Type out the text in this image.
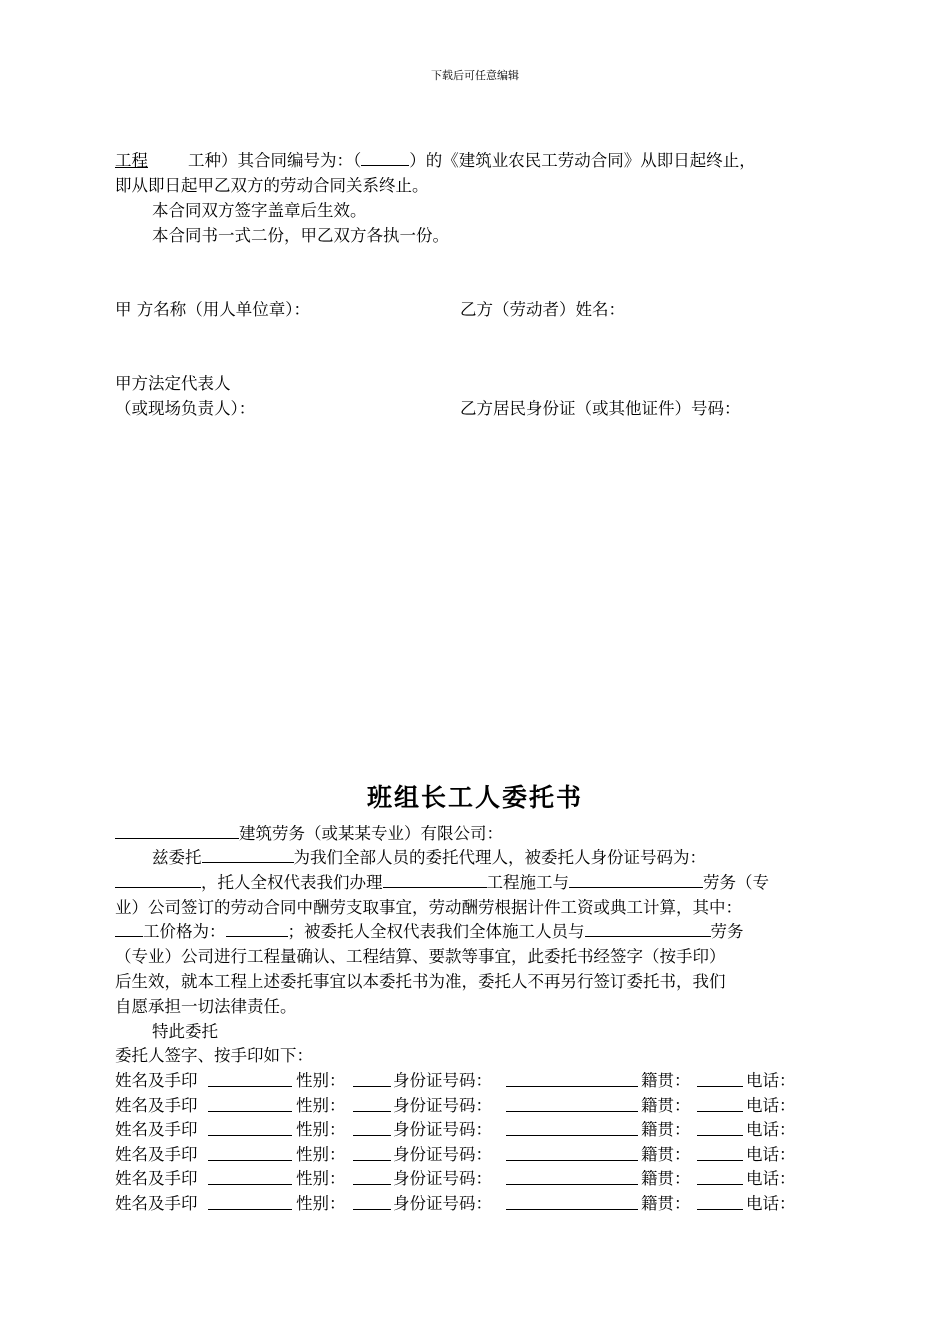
下载后可任意编辑
工程 工种）其合同编号为：（	）的《建筑业农民工劳动合同》从即日起终止，
即从即日起甲乙双方的劳动合同关系终止。
本合同双方签字盖章后生效。
本合同书一式二份，甲乙双方各执一份。
甲 方名称（用人单位章）：	乙方（劳动者）姓名：
甲方法定代表人
（或现场负责人）：	乙方居民身份证（或其他证件）号码：
班组长工人委托书
建筑劳务（或某某专业）有限公司：
兹委托	为我们全部人员的委托代理人，被委托人身份证号码为：
，托人全权代表我们办理	工程施工与	劳务（专
业）公司签订的劳动合同中酬劳支取事宜，劳动酬劳根据计件工资或典工计算，其中：
工价格为：	；被委托人全权代表我们全体施工人员与	劳务
（专业）公司进行工程量确认、工程结算、要款等事宜，此委托书经签字（按手印）
后生效，就本工程上述委托事宜以本委托书为准，委托人不再另行签订委托书，我们
自愿承担一切法律责任。
特此委托
委托人签字、按手印如下：
姓名及手印	性别：	身份证号码：	籍贯：	电话：
姓名及手印	性别：	身份证号码：	籍贯：	电话：
姓名及手印	性别：	身份证号码：	籍贯：	电话：
姓名及手印	性别：	身份证号码：	籍贯：	电话：
姓名及手印	性别：	身份证号码：	籍贯：	电话：
姓名及手印	性别：	身份证号码：	籍贯：	电话：
